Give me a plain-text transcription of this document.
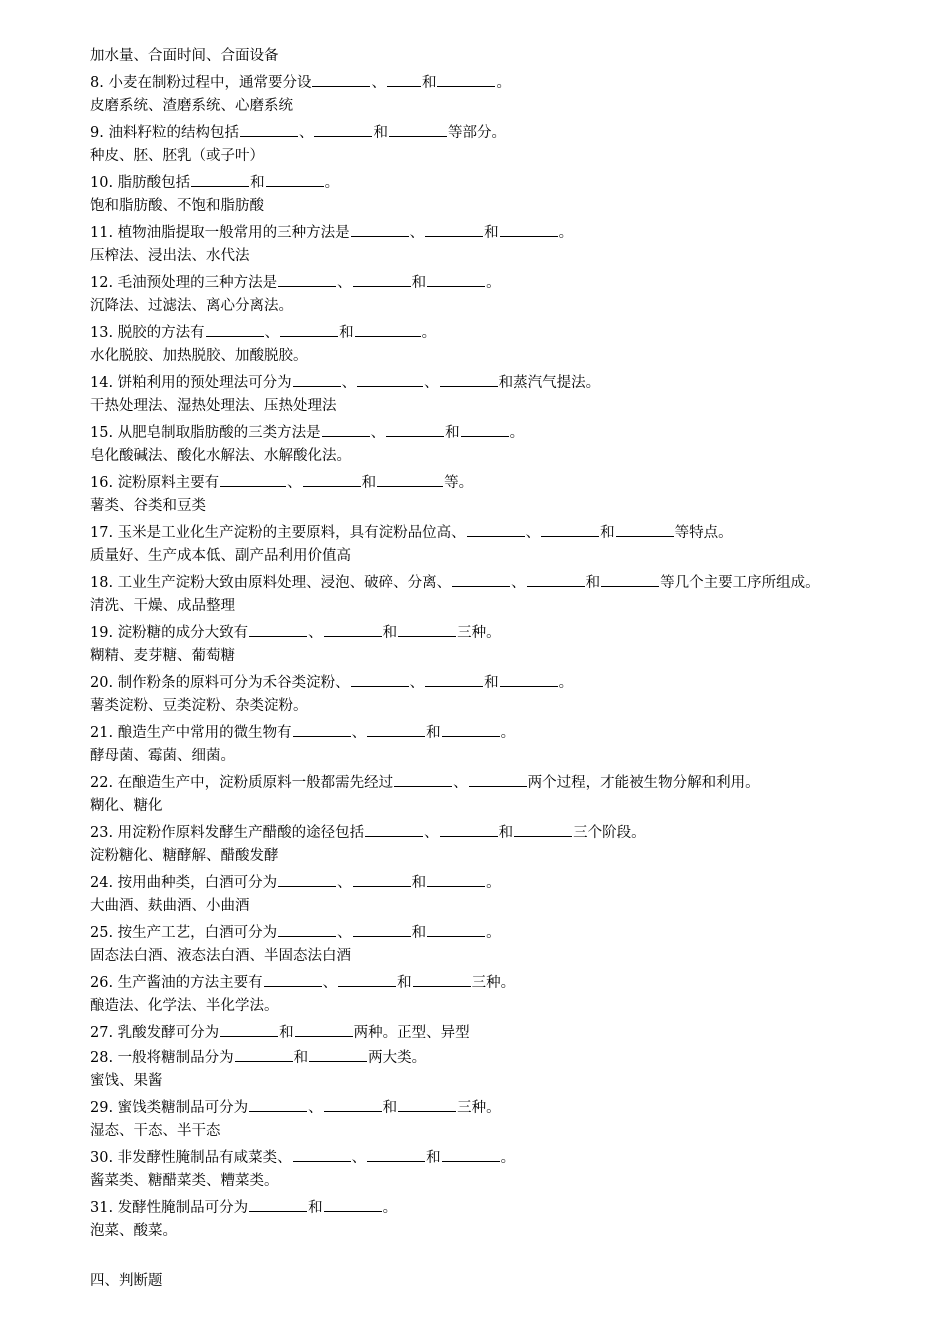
加水量、合面时间、合面设备
8. 小麦在制粉过程中，通常要分设	、 和	。
皮磨系统、渣磨系统、心磨系统
9. 油料籽粒的结构包括	、	和	等部分。
种皮、胚、胚乳（或子叶）
10. 脂肪酸包括	和	。
饱和脂肪酸、不饱和脂肪酸
11. 植物油脂提取一般常用的三种方法是	、	和	。
压榨法、浸出法、水代法
12. 毛油预处理的三种方法是	、	和	。
沉降法、过滤法、离心分离法。
13. 脱胶的方法有	、	和	。
水化脱胶、加热脱胶、加酸脱胶。
14. 饼粕利用的预处理法可分为	、	、	和蒸汽气提法。
干热处理法、湿热处理法、压热处理法
15. 从肥皂制取脂肪酸的三类方法是	、	和	。
皂化酸碱法、酸化水解法、水解酸化法。
16. 淀粉原料主要有	、	和	等。
薯类、谷类和豆类
17. 玉米是工业化生产淀粉的主要原料，具有淀粉品位高、	、	和	等特点。
质量好、生产成本低、副产品利用价值高
18. 工业生产淀粉大致由原料处理、浸泡、破碎、分离、	、	和	等几个主要工序所组成。
清洗、干燥、成品整理
19. 淀粉糖的成分大致有	、	和	三种。
糊精、麦芽糖、葡萄糖
20. 制作粉条的原料可分为禾谷类淀粉、	、	和	。
薯类淀粉、豆类淀粉、杂类淀粉。
21. 酿造生产中常用的微生物有	、	和	。
酵母菌、霉菌、细菌。
22. 在酿造生产中，淀粉质原料一般都需先经过	、	两个过程，才能被生物分解和利用。
糊化、糖化
23. 用淀粉作原料发酵生产醋酸的途径包括	、	和	三个阶段。
淀粉糖化、糖酵解、醋酸发酵
24. 按用曲种类，白酒可分为	、	和	。
大曲酒、麸曲酒、小曲酒
25. 按生产工艺，白酒可分为	、	和	。
固态法白酒、液态法白酒、半固态法白酒
26. 生产酱油的方法主要有	、	和	三种。
酿造法、化学法、半化学法。
27. 乳酸发酵可分为	和	两种。正型、异型
28. 一般将糖制品分为	和	两大类。
蜜饯、果酱
29. 蜜饯类糖制品可分为	、	和	三种。
湿态、干态、半干态
30. 非发酵性腌制品有咸菜类、	、	和	。
酱菜类、糖醋菜类、糟菜类。
31. 发酵性腌制品可分为	和	。
泡菜、酸菜。
四、判断题
